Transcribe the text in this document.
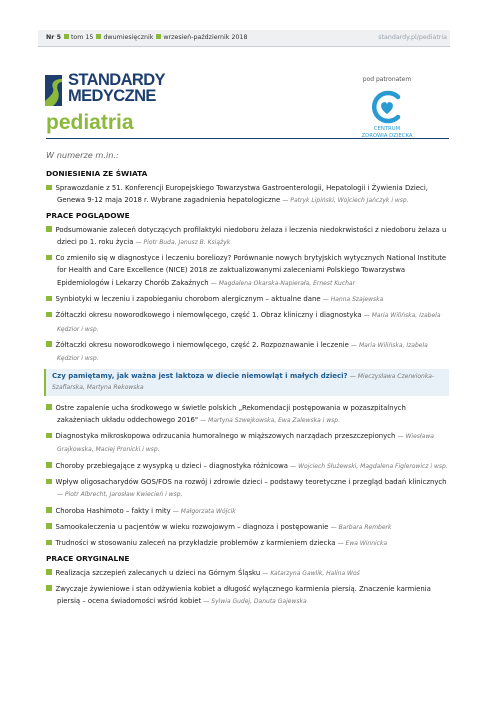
Nr 5 tom 15 dwumiesięcznik wrzesień-październik 2018	standardy.pl/pediatria
STANDARDY
MEDYCZNE
pediatria
pod patronatem
CENTRUM
ZDROWIA DZIECKA
W numerze m.in.:
DONIESIENIA ZE ŚWIATA
Sprawozdanie z 51. Konferencji Europejskiego Towarzystwa Gastroenterologii, Hepatologii i Żywienia Dzieci, Genewa 9-12 maja 2018 r. Wybrane zagadnienia hepatologiczne — Patryk Lipiński, Wojciech Jańczyk i wsp.
PRACE POGLĄDOWE
Podsumowanie zaleceń dotyczących profilaktyki niedoboru żelaza i leczenia niedokrwistości z niedoboru żelaza u dzieci po 1. roku życia — Piotr Buda, Janusz B. Książyk
Co zmieniło się w diagnostyce i leczeniu boreliozy? Porównanie nowych brytyjskich wytycznych National Institute for Health and Care Excellence (NICE) 2018 ze zaktualizowanymi zaleceniami Polskiego Towarzystwa Epidemiologów i Lekarzy Chorób Zakaźnych — Magdalena Okarska-Napierała, Ernest Kuchar
Synbiotyki w leczeniu i zapobieganiu chorobom alergicznym – aktualne dane — Hanna Szajewska
Żółtaczki okresu noworodkowego i niemowlęcego, część 1. Obraz kliniczny i diagnostyka — Maria Wilińska, Izabela Kędzior i wsp.
Żółtaczki okresu noworodkowego i niemowlęcego, część 2. Rozpoznawanie i leczenie — Maria Wilińska, Izabela Kędzior i wsp.
Czy pamiętamy, jak ważna jest laktoza w diecie niemowląt i małych dzieci? — Mieczysława Czerwionka-Szaflarska, Martyna Rekowska
Ostre zapalenie ucha środkowego w świetle polskich „Rekomendacji postępowania w pozaszpitalnych zakażeniach układu oddechowego 2016" — Martyna Szwejkowska, Ewa Zalewska i wsp.
Diagnostyka mikroskopowa odrzucania humoralnego w miąższowych narządach przeszczepionych — Wiesława Grajkowska, Maciej Pronicki i wsp.
Choroby przebiegające z wysypką u dzieci – diagnostyka różnicowa — Wojciech Służewski, Magdalena Figlerowicz i wsp.
Wpływ oligosacharydów GOS/FOS na rozwój i zdrowie dzieci – podstawy teoretyczne i przegląd badań klinicznych — Piotr Albrecht, Jarosław Kwiecień i wsp.
Choroba Hashimoto – fakty i mity — Małgorzata Wójcik
Samookaleczenia u pacjentów w wieku rozwojowym – diagnoza i postępowanie — Barbara Remberk
Trudności w stosowaniu zaleceń na przykładzie problemów z karmieniem dziecka — Ewa Winnicka
PRACE ORYGINALNE
Realizacja szczepień zalecanych u dzieci na Górnym Śląsku — Katarzyna Gawlik, Halina Woś
Zwyczaje żywieniowe i stan odżywienia kobiet a długość wyłącznego karmienia piersią. Znaczenie karmienia piersią – ocena świadomości wśród kobiet — Sylwia Gudej, Danuta Gajewska
